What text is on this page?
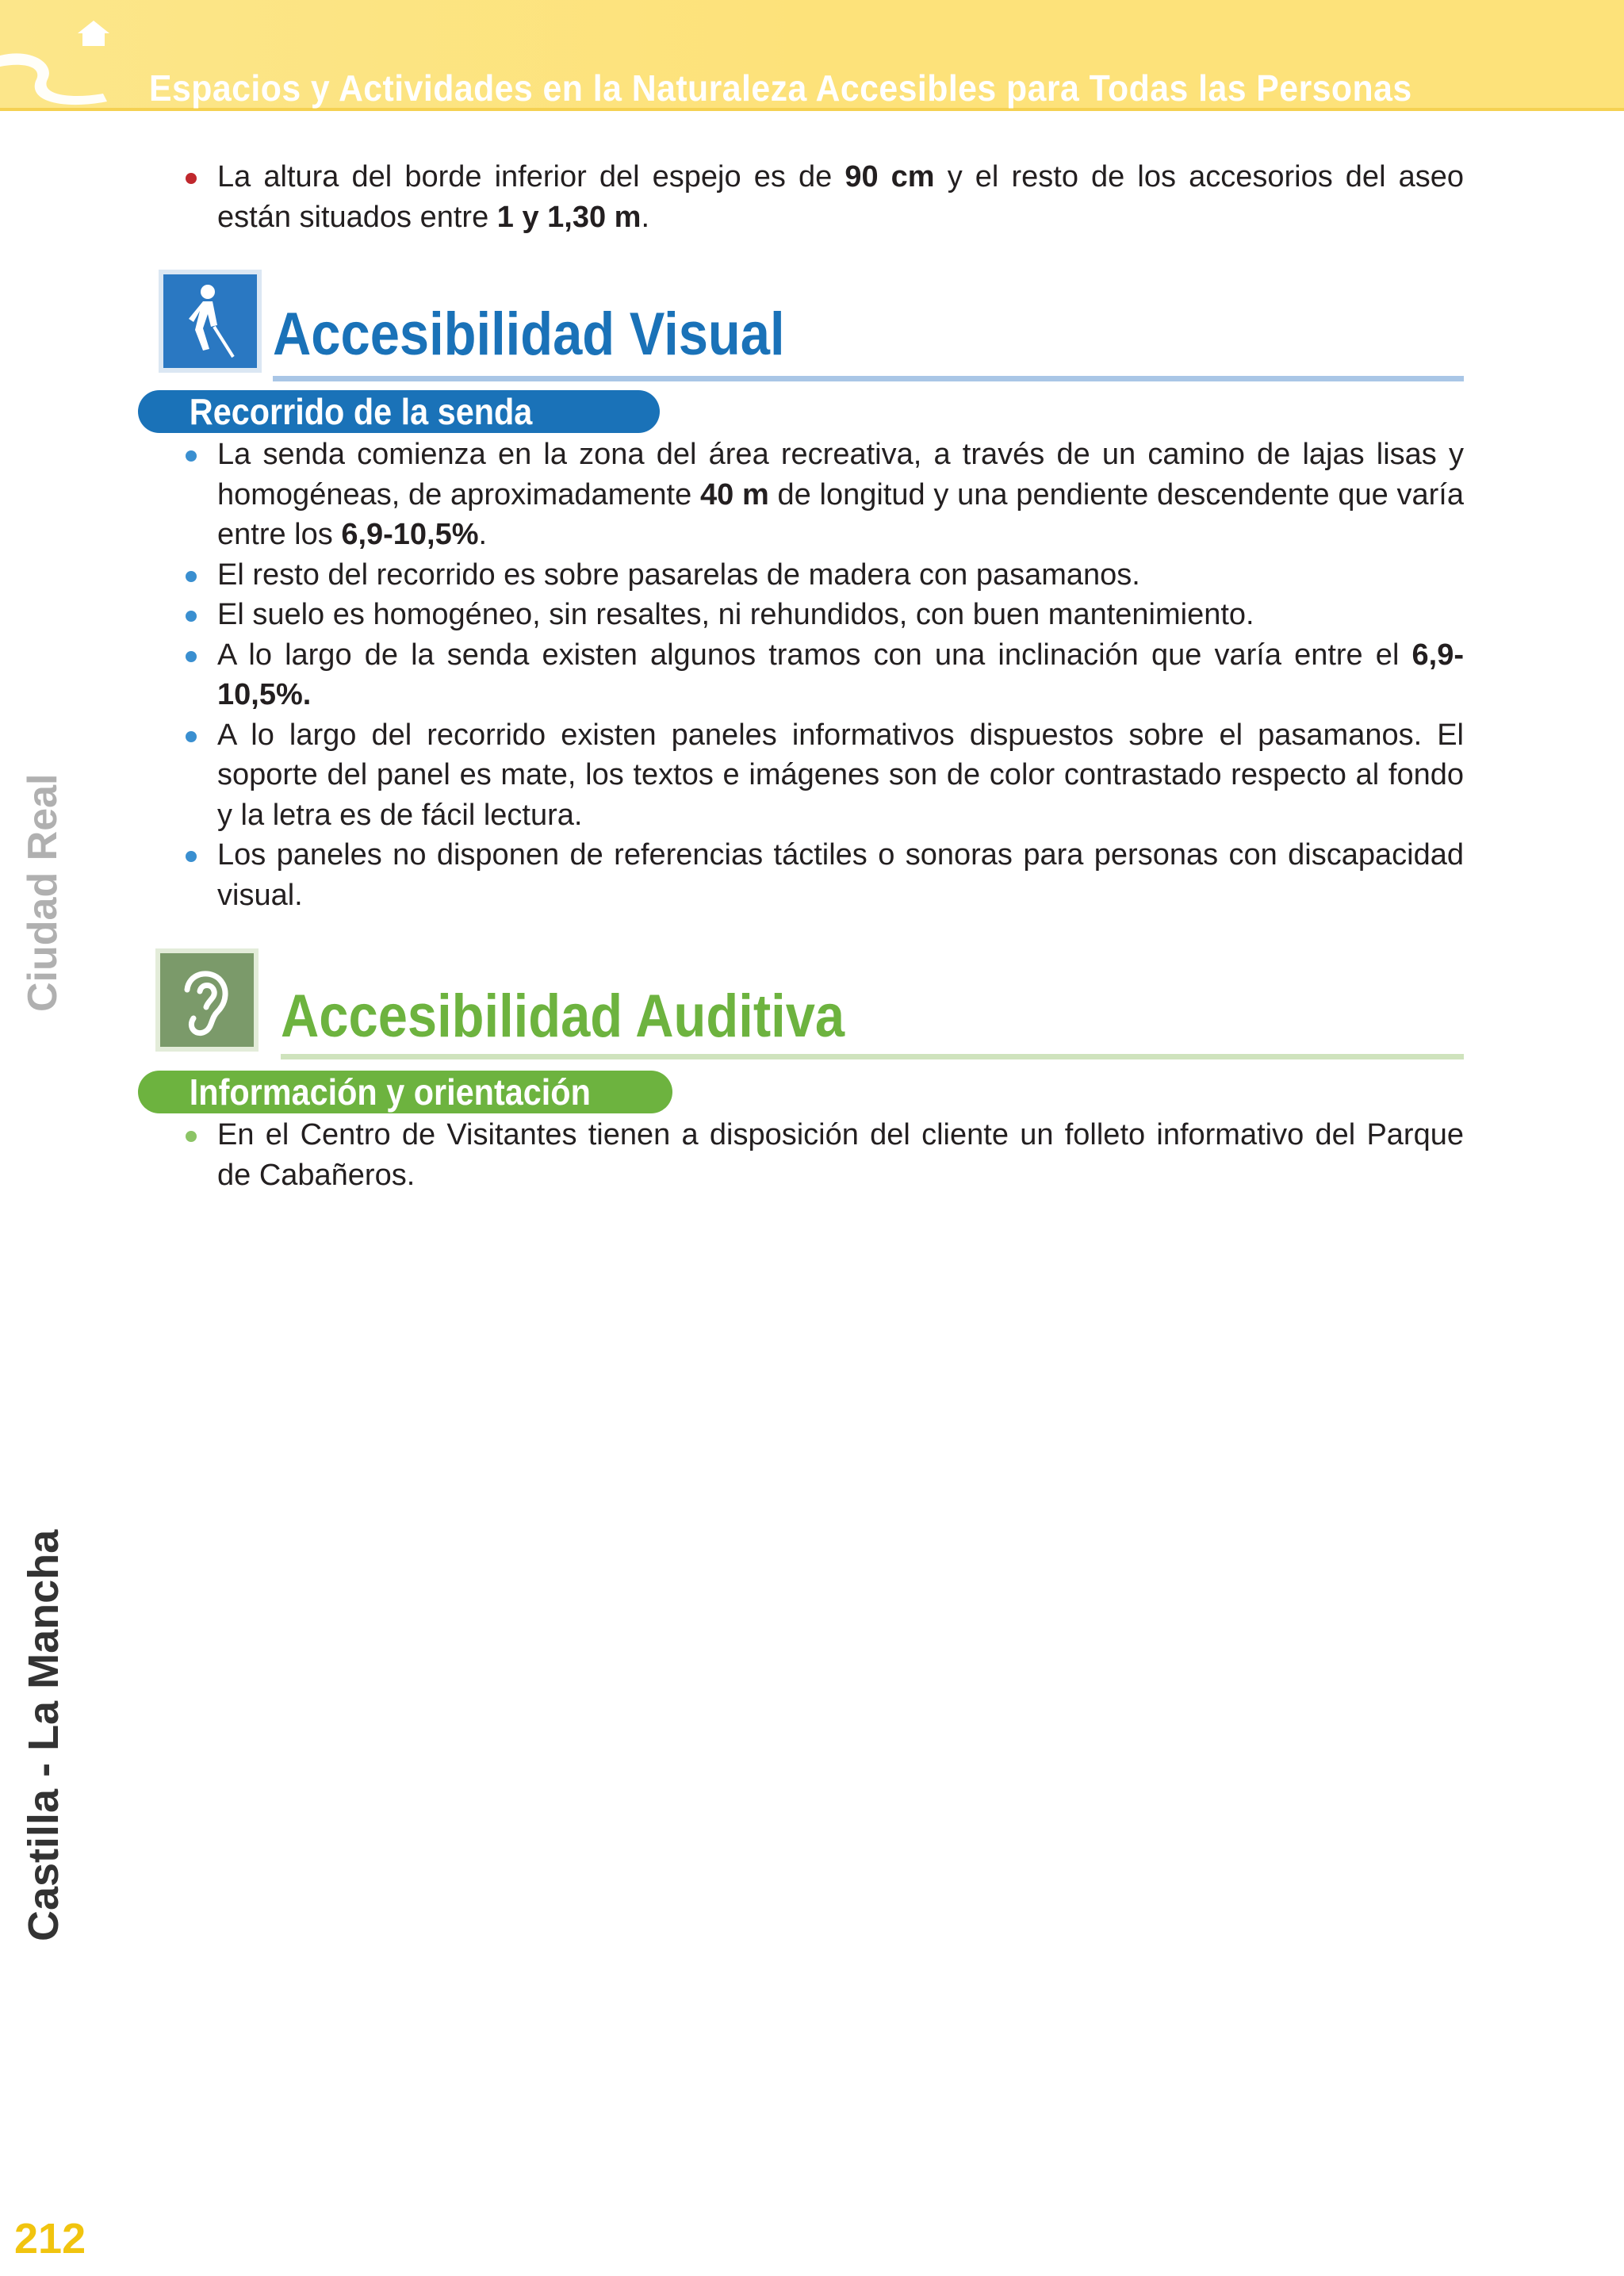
Espacios y Actividades en la Naturaleza Accesibles para Todas las Personas
La altura del borde inferior del espejo es de 90 cm y el resto de los accesorios del aseo están situados entre 1 y 1,30 m.
Accesibilidad Visual
Recorrido de la senda
La senda comienza en la zona del área recreativa, a través de un camino de lajas lisas y homogéneas, de aproximadamente 40 m de longitud y una pendiente descendente que varía entre los 6,9-10,5%.
El resto del recorrido es sobre pasarelas de madera con pasamanos.
El suelo es homogéneo, sin resaltes, ni rehundidos, con buen mantenimiento.
A lo largo de la senda existen algunos tramos con una inclinación que varía entre el 6,9-10,5%.
A lo largo del recorrido existen paneles informativos dispuestos sobre el pasamanos. El soporte del panel es mate, los textos e imágenes son de color contrastado respecto al fondo y la letra es de fácil lectura.
Los paneles no disponen de referencias táctiles o sonoras para personas con discapacidad visual.
Accesibilidad Auditiva
Información y orientación
En el Centro de Visitantes tienen a disposición del cliente un folleto informativo del Parque de Cabañeros.
Ciudad Real
Castilla - La Mancha
212
